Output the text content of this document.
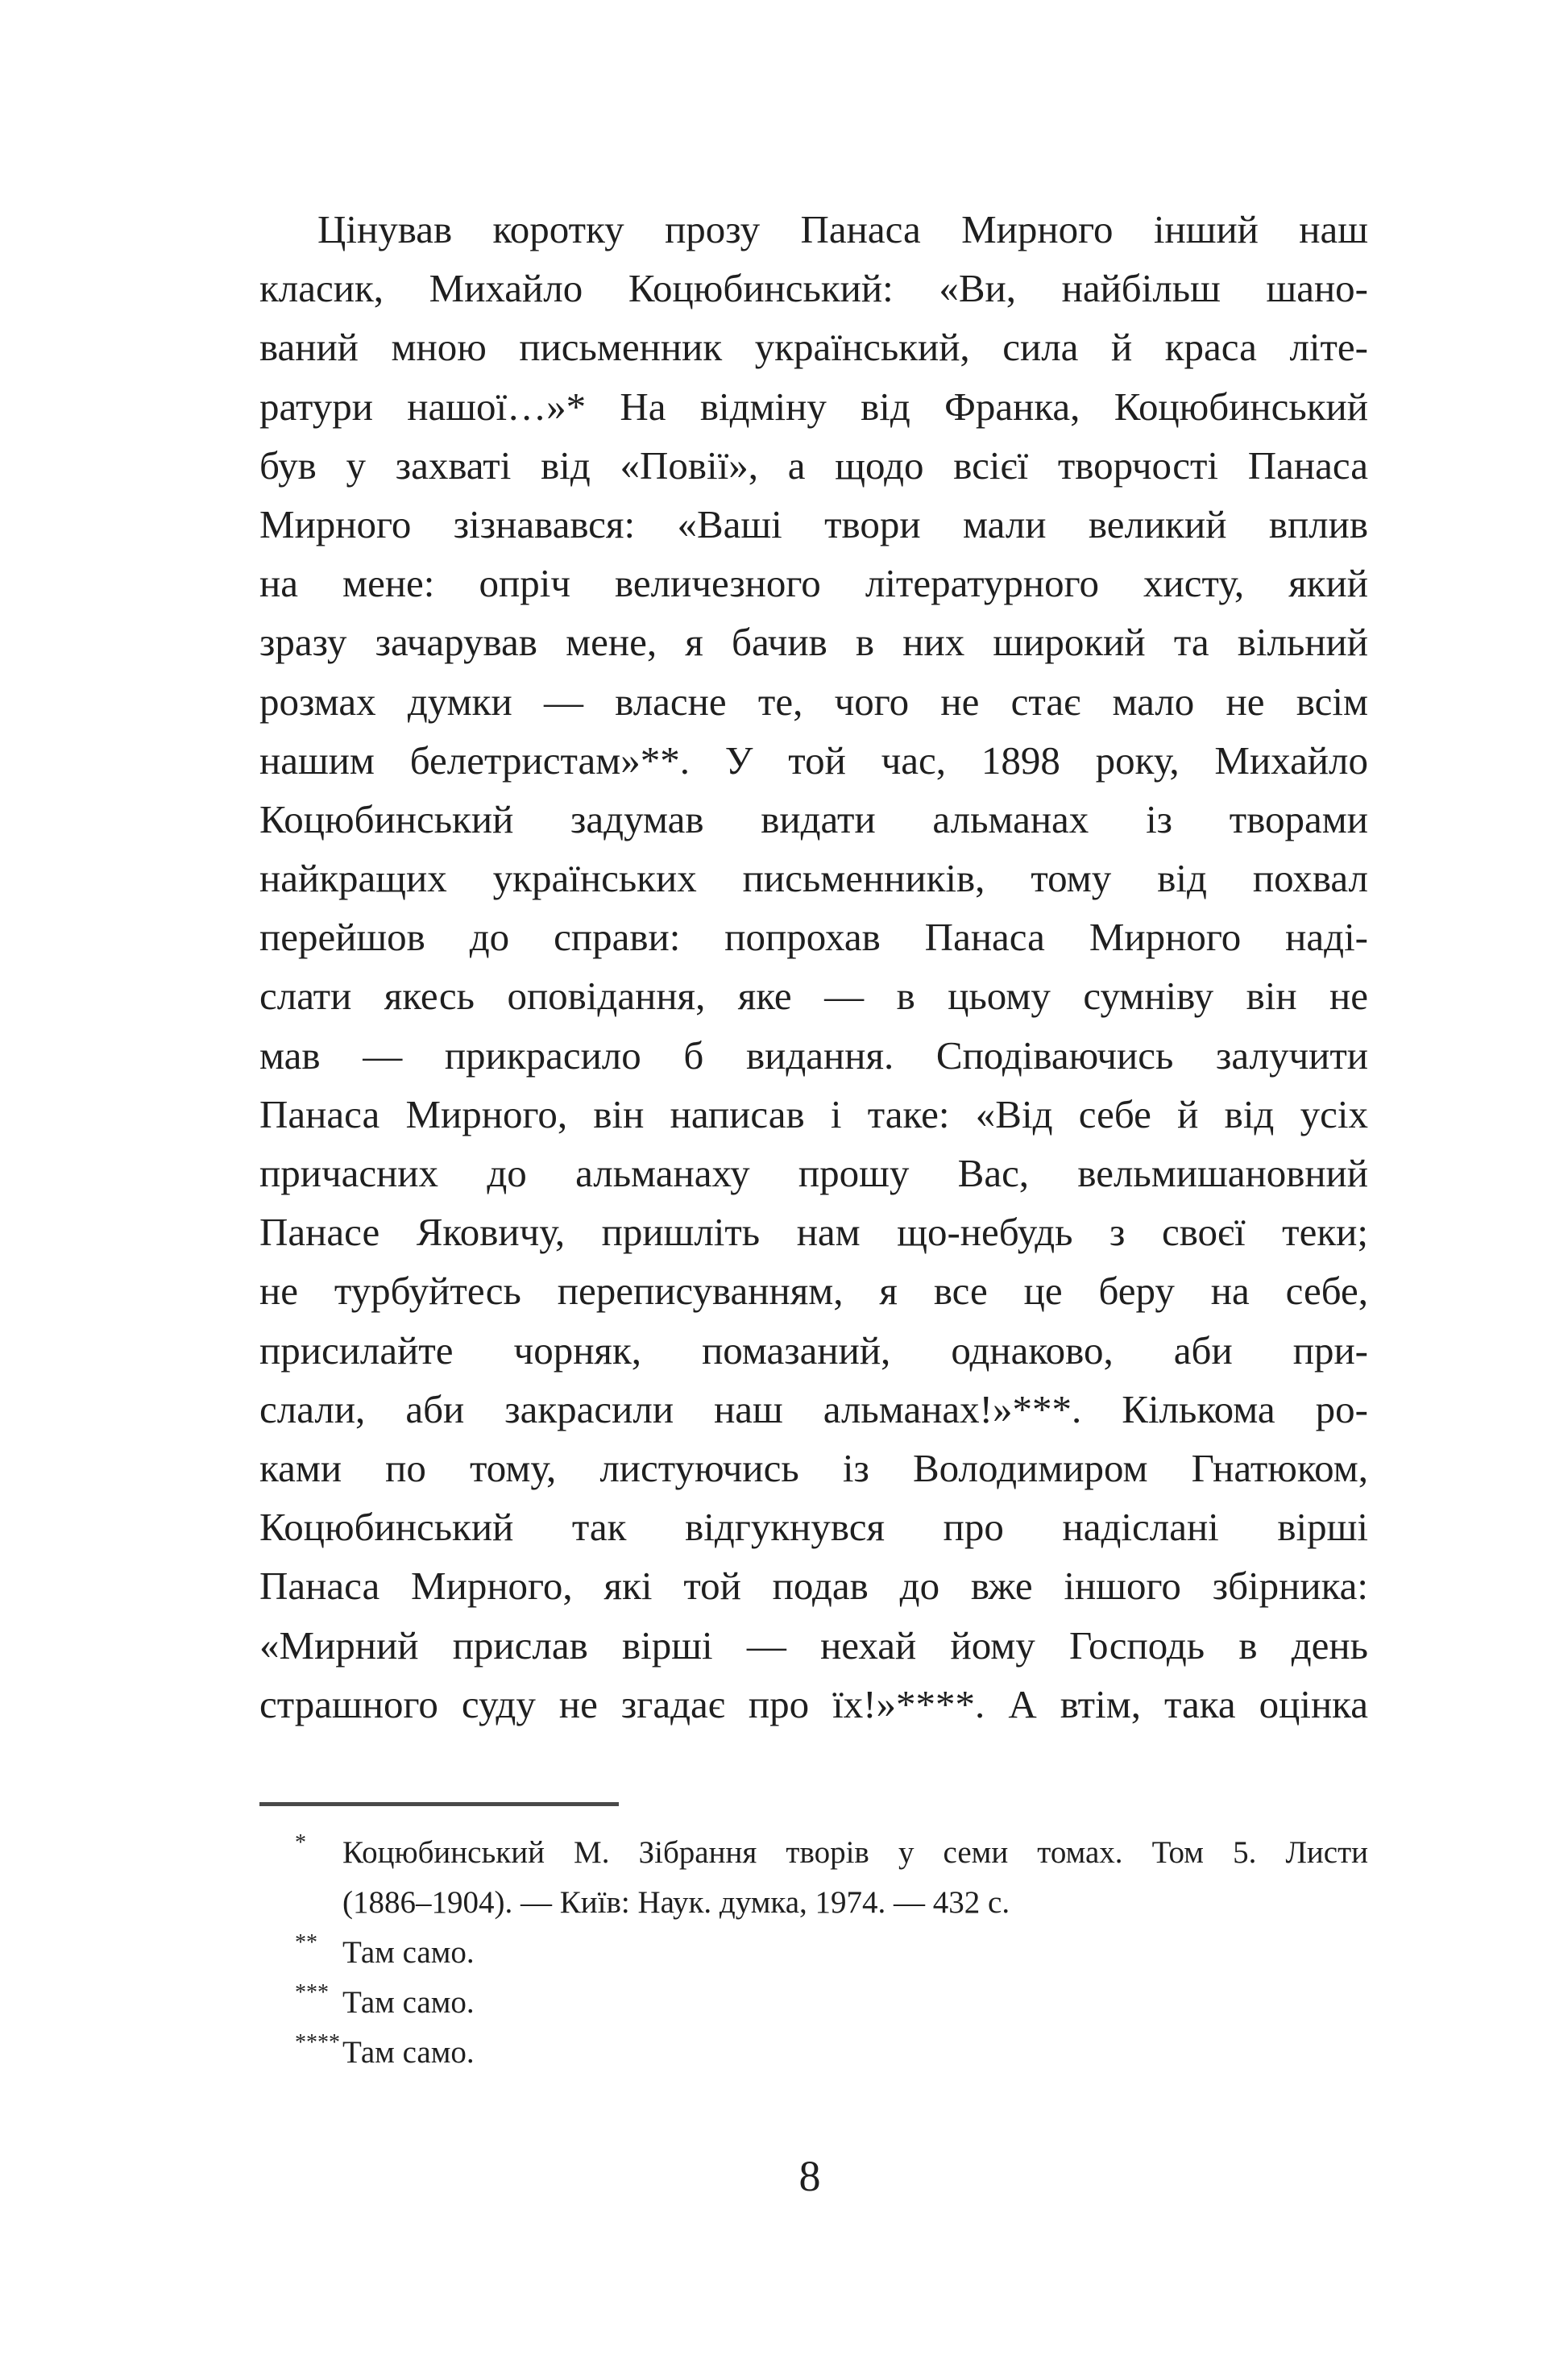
Цінував коротку прозу Панаса Мирного інший наш
класик, Михайло Коцюбинський: «Ви, найбільш шано-
ваний мною письменник український, сила й краса літе-
ратури нашої…»* На відміну від Франка, Коцюбинський
був у захваті від «Повії», а щодо всієї творчості Панаса
Мирного зізнавався: «Ваші твори мали великий вплив
на мене: опріч величезного літературного хисту, який
зразу зачарував мене, я бачив в них широкий та вільний
розмах думки — власне те, чого не стає мало не всім
нашим белетристам»**. У той час, 1898 року, Михайло
Коцюбинський задумав видати альманах із творами
найкращих українських письменників, тому від похвал
перейшов до справи: попрохав Панаса Мирного наді-
слати якесь оповідання, яке — в цьому сумніву він не
мав — прикрасило б видання. Сподіваючись залучити
Панаса Мирного, він написав і таке: «Від себе й від усіх
причасних до альманаху прошу Вас, вельмишановний
Панасе Яковичу, пришліть нам що-небудь з своєї теки;
не турбуйтесь переписуванням, я все це беру на себе,
присилайте чорняк, помазаний, однаково, аби при-
слали, аби закрасили наш альманах!»***. Кількома ро-
ками по тому, листуючись із Володимиром Гнатюком,
Коцюбинський так відгукнувся про надіслані вірші
Панаса Мирного, які той подав до вже іншого збірника:
«Мирний прислав вірші — нехай йому Господь в день
страшного суду не згадає про їх!»****. А втім, така оцінка
*	Коцюбинський М. Зібрання творів у семи томах. Том 5. Листи
(1886–1904). — Київ: Наук. думка, 1974. — 432 с.
** Там само.
*** Там само.
**** Там само.
8
